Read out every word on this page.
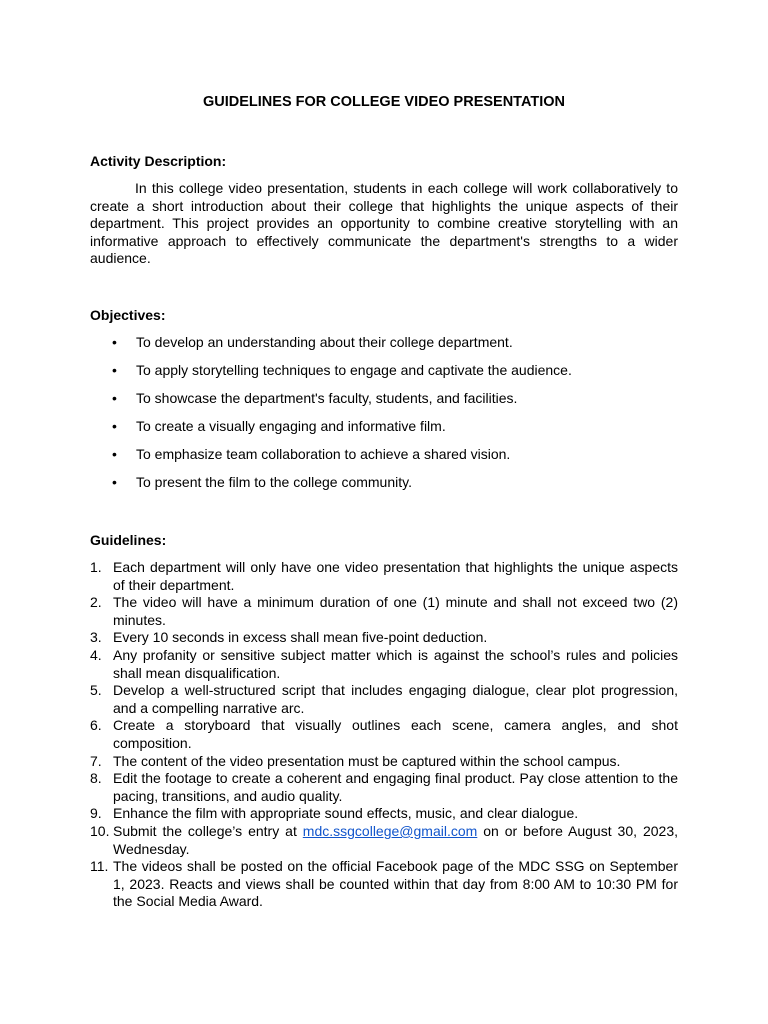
GUIDELINES FOR COLLEGE VIDEO PRESENTATION
Activity Description:

In this college video presentation, students in each college will work collaboratively to create a short introduction about their college that highlights the unique aspects of their department. This project provides an opportunity to combine creative storytelling with an informative approach to effectively communicate the department's strengths to a wider audience.

Objectives:
• To develop an understanding about their college department.
• To apply storytelling techniques to engage and captivate the audience.
• To showcase the department's faculty, students, and facilities.
• To create a visually engaging and informative film.
• To emphasize team collaboration to achieve a shared vision.
• To present the film to the college community.
Guidelines:
1. Each department will only have one video presentation that highlights the unique aspects of their department.
2. The video will have a minimum duration of one (1) minute and shall not exceed two (2) minutes.
3. Every 10 seconds in excess shall mean five-point deduction.
4. Any profanity or sensitive subject matter which is against the school’s rules and policies shall mean disqualification.
5. Develop a well-structured script that includes engaging dialogue, clear plot progression, and a compelling narrative arc.
6. Create a storyboard that visually outlines each scene, camera angles, and shot composition.
7. The content of the video presentation must be captured within the school campus.
8. Edit the footage to create a coherent and engaging final product. Pay close attention to the pacing, transitions, and audio quality.
9. Enhance the film with appropriate sound effects, music, and clear dialogue.
10. Submit the college’s entry at mdc.ssgcollege@gmail.com on or before August 30, 2023, Wednesday.
11. The videos shall be posted on the official Facebook page of the MDC SSG on September 1, 2023. Reacts and views shall be counted within that day from 8:00 AM to 10:30 PM for the Social Media Award.
